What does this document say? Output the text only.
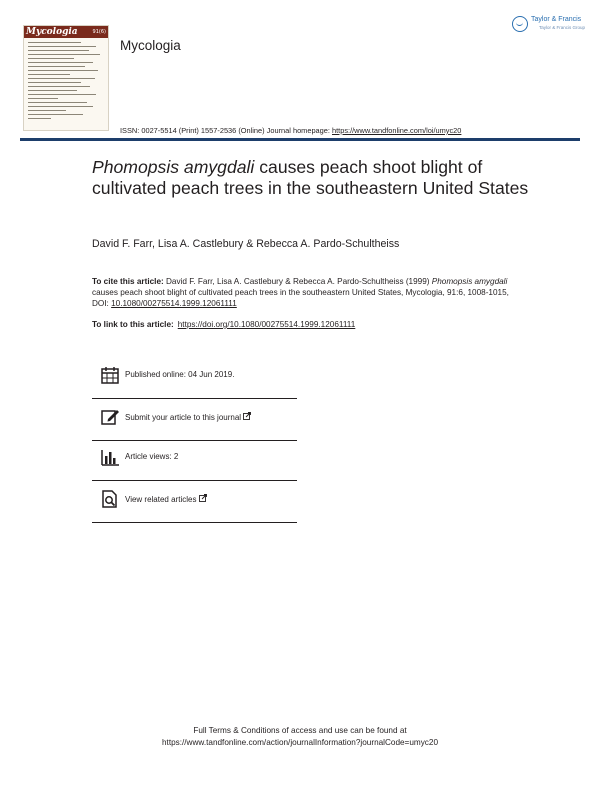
Mycologia	91(6)
Mycologia
Taylor & Francis
Taylor & Francis Group
ISSN: 0027-5514 (Print) 1557-2536 (Online) Journal homepage: https://www.tandfonline.com/loi/umyc20
Phomopsis amygdali causes peach shoot blight of cultivated peach trees in the southeastern United States
David F. Farr, Lisa A. Castlebury & Rebecca A. Pardo-Schultheiss
To cite this article: David F. Farr, Lisa A. Castlebury & Rebecca A. Pardo-Schultheiss (1999) Phomopsis amygdali causes peach shoot blight of cultivated peach trees in the southeastern United States, Mycologia, 91:6, 1008-1015, DOI: 10.1080/00275514.1999.12061111
To link to this article: https://doi.org/10.1080/00275514.1999.12061111
Published online: 04 Jun 2019.
Submit your article to this journal
Article views: 2
View related articles
Full Terms & Conditions of access and use can be found at
https://www.tandfonline.com/action/journalInformation?journalCode=umyc20
